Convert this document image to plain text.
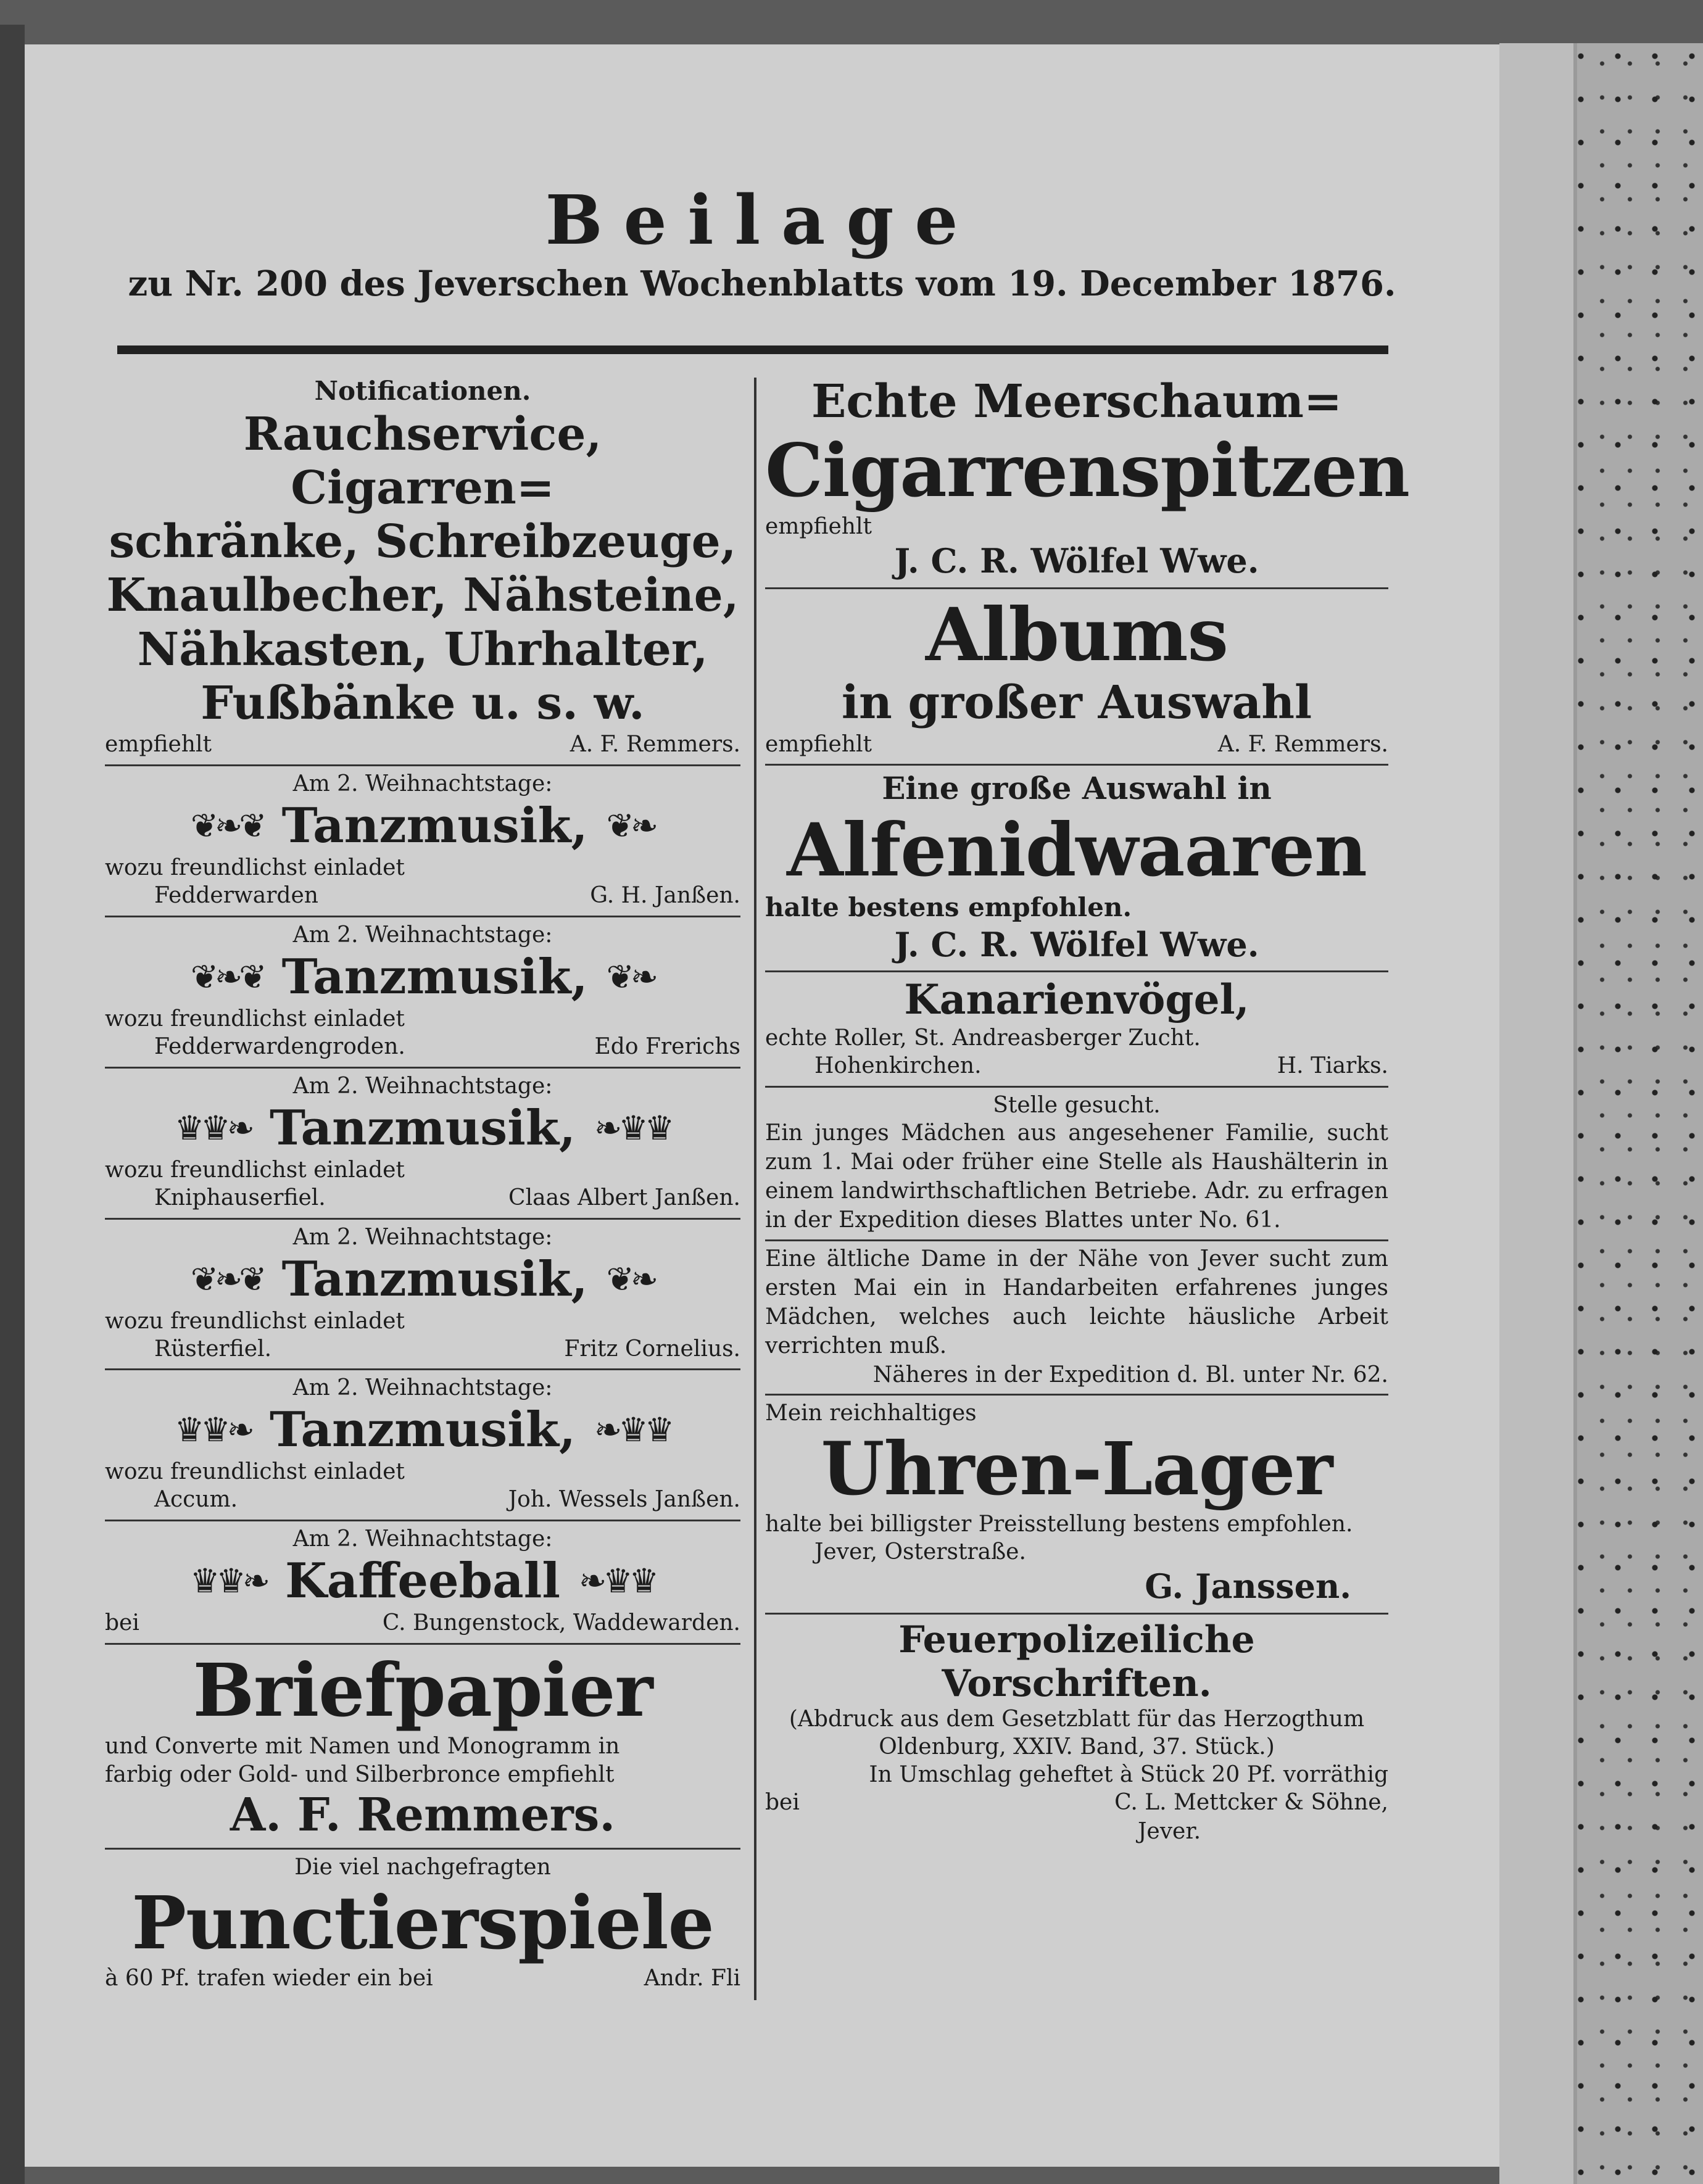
Beilage
zu Nr. 200 des Jeverschen Wochenblatts vom 19. December 1876.
Notificationen.
Rauchservice, Cigarren=
schränke, Schreibzeuge,
Knaulbecher, Nähsteine,
Nähkasten, Uhrhalter,
Fußbänke u. s. w.
empfiehlt	A. F. Remmers.
Am 2. Weihnachtstage:
❦❧❦ Tanzmusik, ❦❧
wozu freundlichst einladet
Fedderwarden	G. H. Janßen.
Am 2. Weihnachtstage:
❦❧❦ Tanzmusik, ❦❧
wozu freundlichst einladet
Fedderwardengroden.	Edo Frerichs
Am 2. Weihnachtstage:
♛♛❧ Tanzmusik, ❧♛♛
wozu freundlichst einladet
Kniphauserfiel.	Claas Albert Janßen.
Am 2. Weihnachtstage:
❦❧❦ Tanzmusik, ❦❧
wozu freundlichst einladet
Rüsterfiel.	Fritz Cornelius.
Am 2. Weihnachtstage:
♛♛❧ Tanzmusik, ❧♛♛
wozu freundlichst einladet
Accum.	Joh. Wessels Janßen.
Am 2. Weihnachtstage:
♛♛❧ Kaffeeball ❧♛♛
bei	C. Bungenstock, Waddewarden.
Briefpapier
und Converte mit Namen und Monogramm in
farbig oder Gold- und Silberbronce empfiehlt
A. F. Remmers.
Die viel nachgefragten
Punctierspiele
à 60 Pf. trafen wieder ein bei	Andr. Fli
Echte Meerschaum=
Cigarrenspitzen
empfiehlt
J. C. R. Wölfel Wwe.
Albums
in großer Auswahl
empfiehlt	A. F. Remmers.
Eine große Auswahl in
Alfenidwaaren
halte bestens empfohlen.
J. C. R. Wölfel Wwe.
Kanarienvögel,
echte Roller, St. Andreasberger Zucht.
Hohenkirchen.	H. Tiarks.
Stelle gesucht.
Ein junges Mädchen aus angesehener Familie, sucht zum 1. Mai oder früher eine Stelle als Haushälterin in einem landwirthschaftlichen Betriebe. Adr. zu erfragen in der Expedition dieses Blattes unter No. 61.
Eine ältliche Dame in der Nähe von Jever sucht zum ersten Mai ein in Handarbeiten erfahrenes junges Mädchen, welches auch leichte häusliche Arbeit verrichten muß.
Näheres in der Expedition d. Bl. unter Nr. 62.
Mein reichhaltiges
Uhren-Lager
halte bei billigster Preisstellung bestens empfohlen.
Jever, Osterstraße.
G. Janssen.
Feuerpolizeiliche Vorschriften.
(Abdruck aus dem Gesetzblatt für das Herzogthum
Oldenburg, XXIV. Band, 37. Stück.)
In Umschlag geheftet à Stück 20 Pf. vorräthig
bei	C. L. Mettcker & Söhne,
Jever.
